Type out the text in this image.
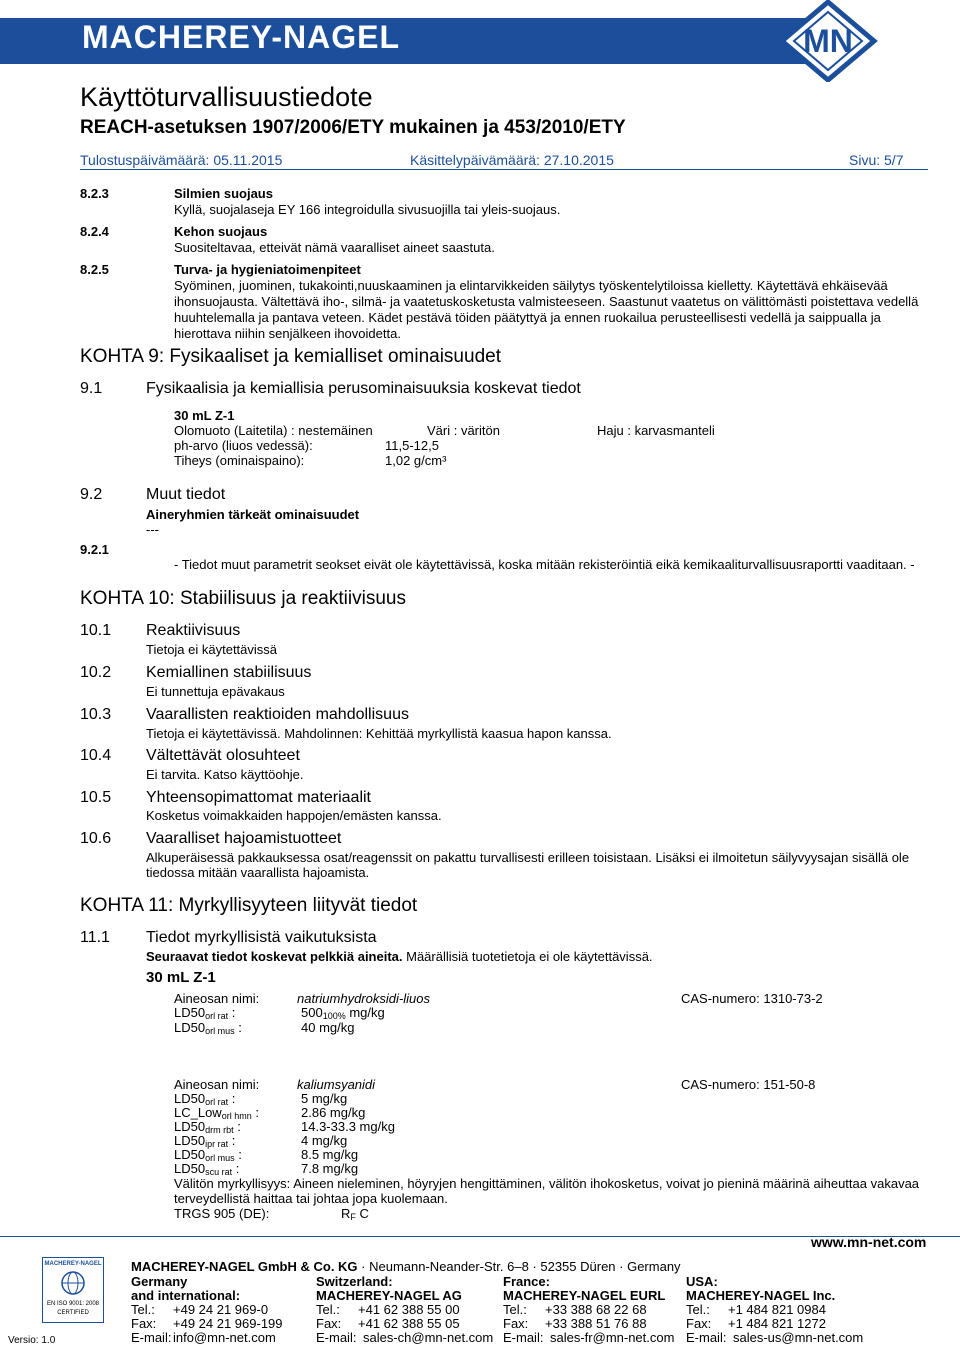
MACHEREY-NAGEL	MN
Käyttöturvallisuustiedote
REACH-asetuksen 1907/2006/ETY mukainen ja 453/2010/ETY
Tulostuspäivämäärä: 05.11.2015	Käsittelypäivämäärä: 27.10.2015	Sivu: 5/7
8.2.3	Silmien suojaus
Kyllä, suojalaseja EY 166 integroidulla sivusuojilla tai yleis-suojaus.
8.2.4	Kehon suojaus
Suositeltavaa, etteivät nämä vaaralliset aineet saastuta.
8.2.5	Turva- ja hygieniatoimenpiteet
Syöminen, juominen, tukakointi,nuuskaaminen ja elintarvikkeiden säilytys työskentelytiloissa kielletty. Käytettävä ehkäisevää
ihonsuojausta. Vältettävä iho-, silmä- ja vaatetuskosketusta valmisteeseen. Saastunut vaatetus on välittömästi poistettava vedellä
huuhtelemalla ja pantava veteen. Kädet pestävä töiden päätyttyä ja ennen ruokailua perusteellisesti vedellä ja saippualla ja
hierottava niihin senjälkeen ihovoidetta.
KOHTA 9: Fysikaaliset ja kemialliset ominaisuudet
9.1	Fysikaalisia ja kemiallisia perusominaisuuksia koskevat tiedot
30 mL Z-1
Olomuoto (Laitetila) : nestemäinen	Väri : väritön	Haju : karvasmanteli
ph-arvo (liuos vedessä):	11,5-12,5
Tiheys (ominaispaino):	1,02 g/cm³
9.2	Muut tiedot
Aineryhmien tärkeät ominaisuudet
---
9.2.1
- Tiedot muut parametrit seokset eivät ole käytettävissä, koska mitään rekisteröintiä eikä kemikaaliturvallisuusraportti vaaditaan. -
KOHTA 10: Stabiilisuus ja reaktiivisuus
10.1 Reaktiivisuus
Tietoja ei käytettävissä
10.2 Kemiallinen stabiilisuus
Ei tunnettuja epävakaus
10.3 Vaarallisten reaktioiden mahdollisuus
Tietoja ei käytettävissä. Mahdolinnen: Kehittää myrkyllistä kaasua hapon kanssa.
10.4 Vältettävät olosuhteet
Ei tarvita. Katso käyttöohje.
10.5 Yhteensopimattomat materiaalit
Kosketus voimakkaiden happojen/emästen kanssa.
10.6 Vaaralliset hajoamistuotteet
Alkuperäisessä pakkauksessa osat/reagenssit on pakattu turvallisesti erilleen toisistaan. Lisäksi ei ilmoitetun säilyvyysajan sisällä ole
tiedossa mitään vaarallista hajoamista.
KOHTA 11: Myrkyllisyyteen liityvät tiedot
11.1 Tiedot myrkyllisistä vaikutuksista
Seuraavat tiedot koskevat pelkkiä aineita. Määrällisiä tuotetietoja ei ole käytettävissä.
30 mL Z-1
Aineosan nimi:	natriumhydroksidi-liuos	CAS-numero: 1310-73-2
$LD50_{orl rat}$ :	$500_{100\%}$ mg/kg
$LD50_{orl mus}$ :	40 mg/kg
Aineosan nimi:	kaliumsyanidi	CAS-numero: 151-50-8
$LD50_{orl rat}$ :	5 mg/kg
LC_Low$_{orl hmn}$ :	2.86 mg/kg
$LD50_{drm rbt}$ :	14.3-33.3 mg/kg
$LD50_{ipr rat}$ :	4 mg/kg
$LD50_{orl mus}$ :	8.5 mg/kg
$LD50_{scu rat}$ :	7.8 mg/kg
Välitön myrkyllisyys: Aineen nieleminen, höyryjen hengittäminen, välitön ihokosketus, voivat jo pieninä määrinä aiheuttaa vakavaa
terveydellistä haittaa tai johtaa jopa kuolemaan.
TRGS 905 (DE):	$R_F$ C
MACHEREY-NAGEL
EN ISO 9001: 2008
CERTIFIED
Versio: 1.0
MACHEREY-NAGEL GmbH & Co. KG · Neumann-Neander-Str. 6–8 · 52355 Düren · Germany
www.mn-net.com
Germany
and international:
Tel.: +49 24 21 969-0
Fax: +49 24 21 969-199
E-mail: info@mn-net.com
Switzerland:
MACHEREY-NAGEL AG
Tel.: +41 62 388 55 00
Fax: +41 62 388 55 05
E-mail: sales-ch@mn-net.com
France:
MACHEREY-NAGEL EURL
Tel.: +33 388 68 22 68
Fax: +33 388 51 76 88
E-mail: sales-fr@mn-net.com
USA:
MACHEREY-NAGEL Inc.
Tel.: +1 484 821 0984
Fax: +1 484 821 1272
E-mail: sales-us@mn-net.com
